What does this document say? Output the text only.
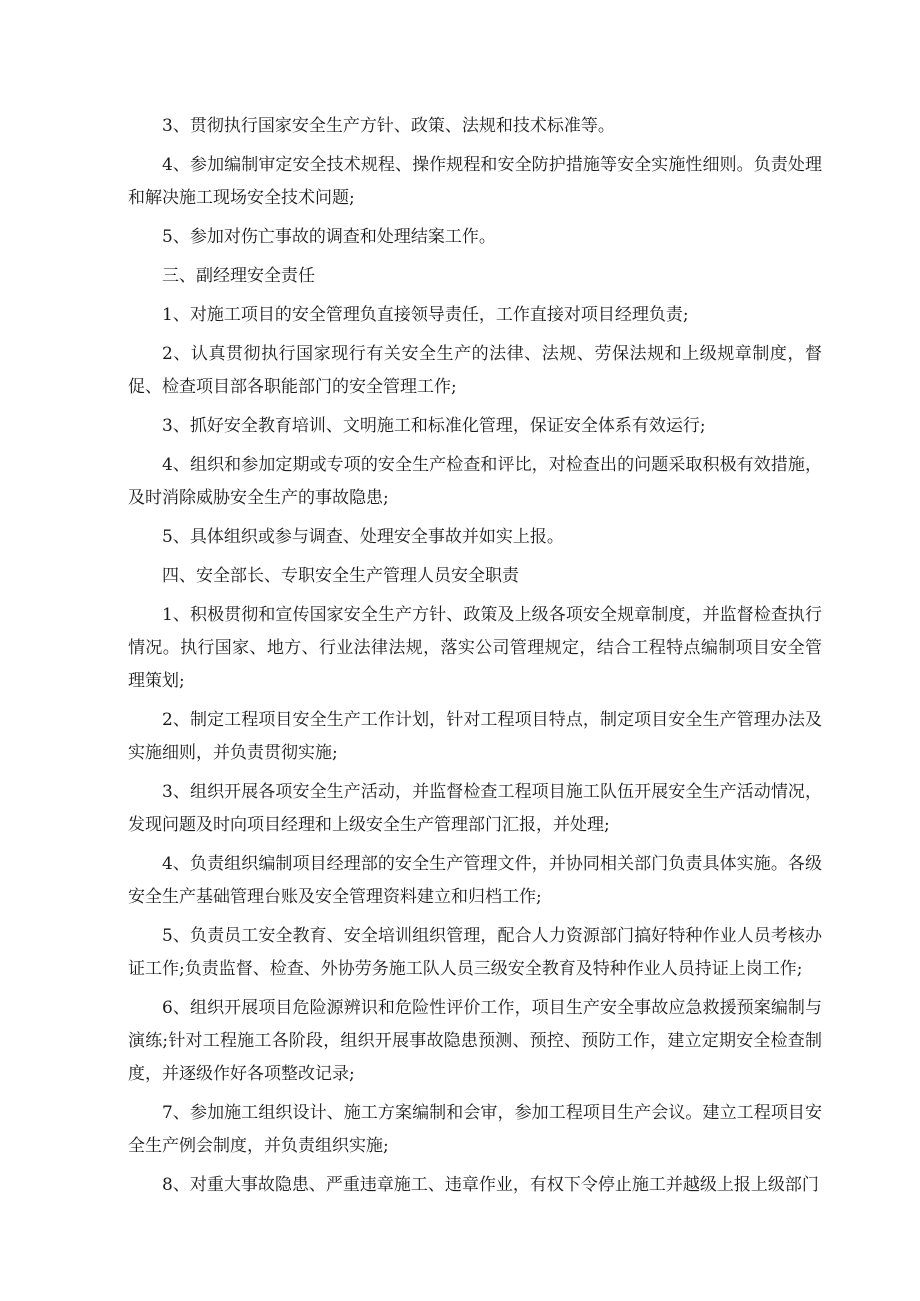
3、贯彻执行国家安全生产方针、政策、法规和技术标准等。

4、参加编制审定安全技术规程、操作规程和安全防护措施等安全实施性细则。负责处理和解决施工现场安全技术问题;

5、参加对伤亡事故的调查和处理结案工作。

三、副经理安全责任

1、对施工项目的安全管理负直接领导责任，工作直接对项目经理负责;

2、认真贯彻执行国家现行有关安全生产的法律、法规、劳保法规和上级规章制度，督促、检查项目部各职能部门的安全管理工作;

3、抓好安全教育培训、文明施工和标准化管理，保证安全体系有效运行;

4、组织和参加定期或专项的安全生产检查和评比，对检查出的问题采取积极有效措施，及时消除威胁安全生产的事故隐患;

5、具体组织或参与调查、处理安全事故并如实上报。

四、安全部长、专职安全生产管理人员安全职责

1、积极贯彻和宣传国家安全生产方针、政策及上级各项安全规章制度，并监督检查执行情况。执行国家、地方、行业法律法规，落实公司管理规定，结合工程特点编制项目安全管理策划;

2、制定工程项目安全生产工作计划，针对工程项目特点，制定项目安全生产管理办法及实施细则，并负责贯彻实施;

3、组织开展各项安全生产活动，并监督检查工程项目施工队伍开展安全生产活动情况，发现问题及时向项目经理和上级安全生产管理部门汇报，并处理;

4、负责组织编制项目经理部的安全生产管理文件，并协同相关部门负责具体实施。各级安全生产基础管理台账及安全管理资料建立和归档工作;

5、负责员工安全教育、安全培训组织管理，配合人力资源部门搞好特种作业人员考核办证工作;负责监督、检查、外协劳务施工队人员三级安全教育及特种作业人员持证上岗工作;

6、组织开展项目危险源辨识和危险性评价工作，项目生产安全事故应急救援预案编制与演练;针对工程施工各阶段，组织开展事故隐患预测、预控、预防工作，建立定期安全检查制度，并逐级作好各项整改记录;

7、参加施工组织设计、施工方案编制和会审，参加工程项目生产会议。建立工程项目安全生产例会制度，并负责组织实施;

8、对重大事故隐患、严重违章施工、违章作业，有权下令停止施工并越级上报上级部门
